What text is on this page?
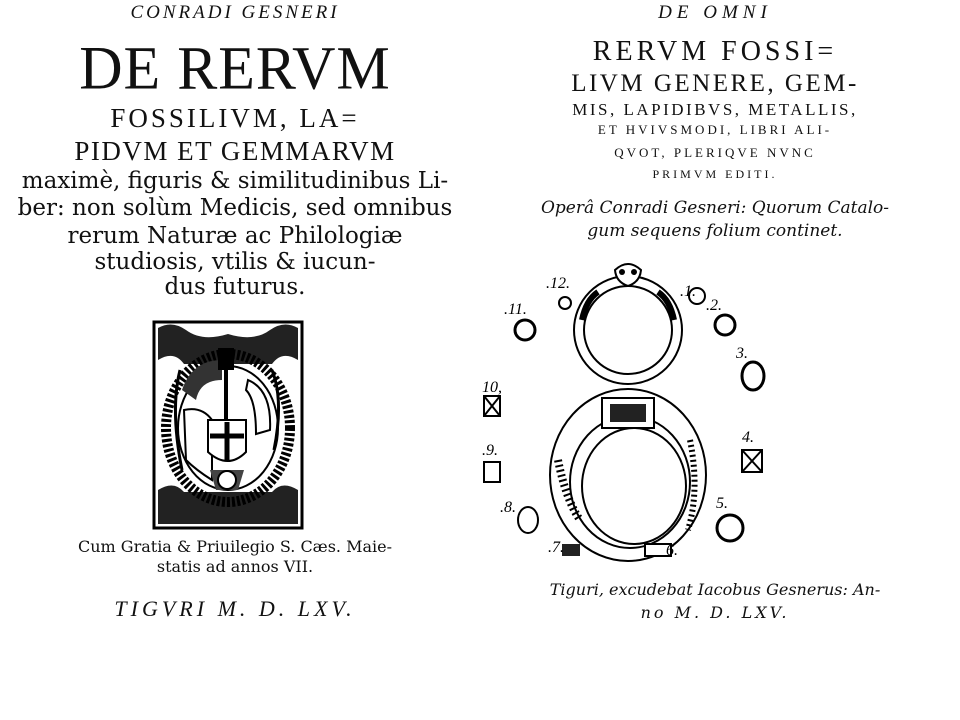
CONRADI GESNERI
DE RERVM
FOSSILIVM, LA=
PIDVM ET GEMMARVM
maximè, figuris & similitudinibus Li-
ber: non solùm Medicis, sed omnibus
rerum Naturæ ac Philologiæ
studiosis, vtilis & iucun-
dus futurus.
Cum Gratia & Priuilegio S. Cæs. Maie-
statis ad annos VII.
TIGVRI M. D. LXV.
DE OMNI
RERVM FOSSI=
LIVM GENERE, GEM-
MIS, LAPIDIBVS, METALLIS,
ET HVIVSMODI, LIBRI ALI-
QVOT, PLERIQVE NVNC
PRIMVM EDITI.
Operâ Conradi Gesneri: Quorum Catalo-
gum sequens folium continet.
.1.
.2.
3.
4.
5.
6.
.7.
.8.
.9.
10,
.11.
.12.
Tiguri, excudebat Iacobus Gesnerus: An-
no M. D. LXV.
